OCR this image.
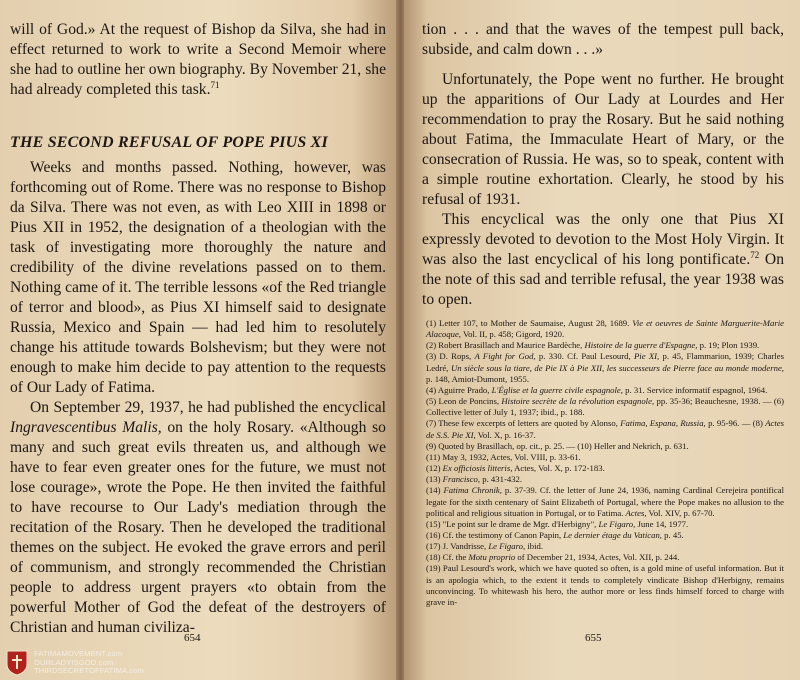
will of God.» At the request of Bishop da Silva, she had in effect returned to work to write a Second Memoir where she had to outline her own biography. By November 21, she had already completed this task.$^{71}$

THE SECOND REFUSAL OF POPE PIUS XI

Weeks and months passed. Nothing, however, was forthcoming out of Rome. There was no response to Bishop da Silva. There was not even, as with Leo XIII in 1898 or Pius XII in 1952, the designation of a theologian with the task of investigating more thoroughly the nature and credibility of the divine revelations passed on to them. Nothing came of it. The terrible lessons «of the Red triangle of terror and blood», as Pius XI himself said to designate Russia, Mexico and Spain — had led him to resolutely change his attitude towards Bolshevism; but they were not enough to make him decide to pay attention to the requests of Our Lady of Fatima.

On September 29, 1937, he had published the encyclical Ingravescentibus Malis, on the holy Rosary. «Although so many and such great evils threaten us, and although we have to fear even greater ones for the future, we must not lose courage», wrote the Pope. He then invited the faithful to have recourse to Our Lady's mediation through the recitation of the Rosary. Then he developed the traditional themes on the subject. He evoked the grave errors and peril of communism, and strongly recommended the Christian people to address urgent prayers «to obtain from the powerful Mother of God the defeat of the destroyers of Christian and human civiliza-

654

tion . . . and that the waves of the tempest pull back, subside, and calm down . . .»

Unfortunately, the Pope went no further. He brought up the apparitions of Our Lady at Lourdes and Her recommendation to pray the Rosary. But he said nothing about Fatima, the Immaculate Heart of Mary, or the consecration of Russia. He was, so to speak, content with a simple routine exhortation. Clearly, he stood by his refusal of 1931.

This encyclical was the only one that Pius XI expressly devoted to devotion to the Most Holy Virgin. It was also the last encyclical of his long pontificate.$^{72}$ On the note of this sad and terrible refusal, the year 1938 was to open.

(1) Letter 107, to Mother de Saumaise, August 28, 1689. Vie et oeuvres de Sainte Marguerite-Marie Alacoque, Vol. II, p. 458; Gigord, 1920.
(2) Robert Brasillach and Maurice Bardèche, Histoire de la guerre d'Espagne, p. 19; Plon 1939.
(3) D. Rops, A Fight for God, p. 330. Cf. Paul Lesourd, Pie XI, p. 45, Flammarion, 1939; Charles Ledré, Un siècle sous la tiare, de Pie IX à Pie XII, les successeurs de Pierre face au monde moderne, p. 148, Amiot-Dumont, 1955.
(4) Aguirre Prado, L'Église et la guerre civile espagnole, p. 31. Service informatif espagnol, 1964.
(5) Leon de Poncins, Histoire secrète de la révolution espagnole, pp. 35-36; Beauchesne, 1938. — (6) Collective letter of July 1, 1937; ibid., p. 188.
(7) These few excerpts of letters are quoted by Alonso, Fatima, Espana, Russia, p. 95-96. — (8) Actes de S.S. Pie XI, Vol. X, p. 16-37.
(9) Quoted by Brasillach, op. cit., p. 25. — (10) Heller and Nekrich, p. 631.
(11) May 3, 1932, Actes, Vol. VIII, p. 33-61.
(12) Ex officiosis litteris, Actes, Vol. X, p. 172-183.
(13) Francisco, p. 431-432.
(14) Fatima Chronik, p. 37-39. Cf. the letter of June 24, 1936, naming Cardinal Cerejeira pontifical legate for the sixth centenary of Saint Elizabeth of Portugal, where the Pope makes no allusion to the political and religious situation in Portugal, or to Fatima. Actes, Vol. XIV, p. 67-70.
(15) "Le point sur le drame de Mgr. d'Herbigny", Le Figaro, June 14, 1977.
(16) Cf. the testimony of Canon Papin, Le dernier étage du Vatican, p. 45.
(17) J. Vandrisse, Le Figaro, ibid.
(18) Cf. the Motu proprio of December 21, 1934, Actes, Vol. XII, p. 244.
(19) Paul Lesourd's work, which we have quoted so often, is a gold mine of useful information. But it is an apologia which, to the extent it tends to completely vindicate Bishop d'Herbigny, remains unconvincing. To whitewash his hero, the author more or less finds himself forced to charge with grave in-
655
FATIMAMOVEMENT.com
OURLADYISGOD.com
THIRDSECRETOFFATIMA.com
